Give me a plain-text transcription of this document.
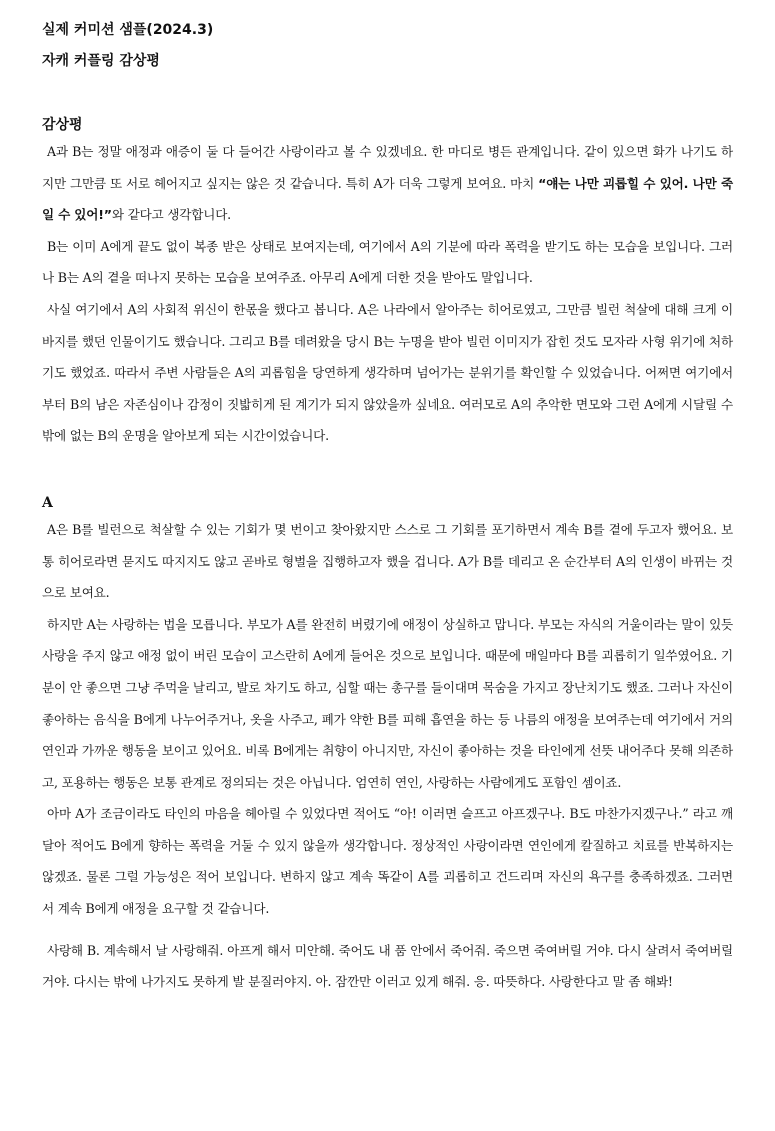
실제 커미션 샘플(2024.3)
자캐 커플링 감상평
감상평

A과 B는 정말 애정과 애증이 둘 다 들어간 사랑이라고 볼 수 있겠네요. 한 마디로 병든 관계입니다. 같이 있으면 화가 나기도 하지만 그만큼 또 서로 헤어지고 싶지는 않은 것 같습니다. 특히 A가 더욱 그렇게 보여요. 마치 “얘는 나만 괴롭힐 수 있어. 나만 죽일 수 있어!”와 같다고 생각합니다.

B는 이미 A에게 끝도 없이 복종 받은 상태로 보여지는데, 여기에서 A의 기분에 따라 폭력을 받기도 하는 모습을 보입니다. 그러나 B는 A의 곁을 떠나지 못하는 모습을 보여주죠. 아무리 A에게 더한 것을 받아도 말입니다.

사실 여기에서 A의 사회적 위신이 한몫을 했다고 봅니다. A은 나라에서 알아주는 히어로였고, 그만큼 빌런 척살에 대해 크게 이바지를 했던 인물이기도 했습니다. 그리고 B를 데려왔을 당시 B는 누명을 받아 빌런 이미지가 잡힌 것도 모자라 사형 위기에 처하기도 했었죠. 따라서 주변 사람들은 A의 괴롭힘을 당연하게 생각하며 넘어가는 분위기를 확인할 수 있었습니다. 어쩌면 여기에서부터 B의 남은 자존심이나 감정이 짓밟히게 된 계기가 되지 않았을까 싶네요. 여러모로 A의 추악한 면모와 그런 A에게 시달릴 수 밖에 없는 B의 운명을 알아보게 되는 시간이었습니다.

A

A은 B를 빌런으로 척살할 수 있는 기회가 몇 번이고 찾아왔지만 스스로 그 기회를 포기하면서 계속 B를 곁에 두고자 했어요. 보통 히어로라면 묻지도 따지지도 않고 곧바로 형벌을 집행하고자 했을 겁니다. A가 B를 데리고 온 순간부터 A의 인생이 바뀌는 것으로 보여요.

하지만 A는 사랑하는 법을 모릅니다. 부모가 A를 완전히 버렸기에 애정이 상실하고 맙니다. 부모는 자식의 거울이라는 말이 있듯 사랑을 주지 않고 애정 없이 버린 모습이 고스란히 A에게 들어온 것으로 보입니다. 때문에 매일마다 B를 괴롭히기 일쑤였어요. 기분이 안 좋으면 그냥 주먹을 날리고, 발로 차기도 하고, 심할 때는 총구를 들이대며 목숨을 가지고 장난치기도 했죠. 그러나 자신이 좋아하는 음식을 B에게 나누어주거나, 옷을 사주고, 폐가 약한 B를 피해 흡연을 하는 등 나름의 애정을 보여주는데 여기에서 거의 연인과 가까운 행동을 보이고 있어요. 비록 B에게는 취향이 아니지만, 자신이 좋아하는 것을 타인에게 선뜻 내어주다 못해 의존하고, 포용하는 행동은 보통 관계로 정의되는 것은 아닙니다. 엄연히 연인, 사랑하는 사람에게도 포함인 셈이죠.

아마 A가 조금이라도 타인의 마음을 헤아릴 수 있었다면 적어도 “아! 이러면 슬프고 아프겠구나. B도 마찬가지겠구나.” 라고 깨달아 적어도 B에게 향하는 폭력을 거둘 수 있지 않을까 생각합니다. 정상적인 사랑이라면 연인에게 칼질하고 치료를 반복하지는 않겠죠. 물론 그럴 가능성은 적어 보입니다. 변하지 않고 계속 똑같이 A를 괴롭히고 건드리며 자신의 욕구를 충족하겠죠. 그러면서 계속 B에게 애정을 요구할 것 같습니다.

사랑해 B. 계속해서 날 사랑해줘. 아프게 해서 미안해. 죽어도 내 품 안에서 죽어줘. 죽으면 죽여버릴 거야. 다시 살려서 죽여버릴 거야. 다시는 밖에 나가지도 못하게 발 분질러야지. 아. 잠깐만 이러고 있게 해줘. 응. 따뜻하다. 사랑한다고 말 좀 해봐!
